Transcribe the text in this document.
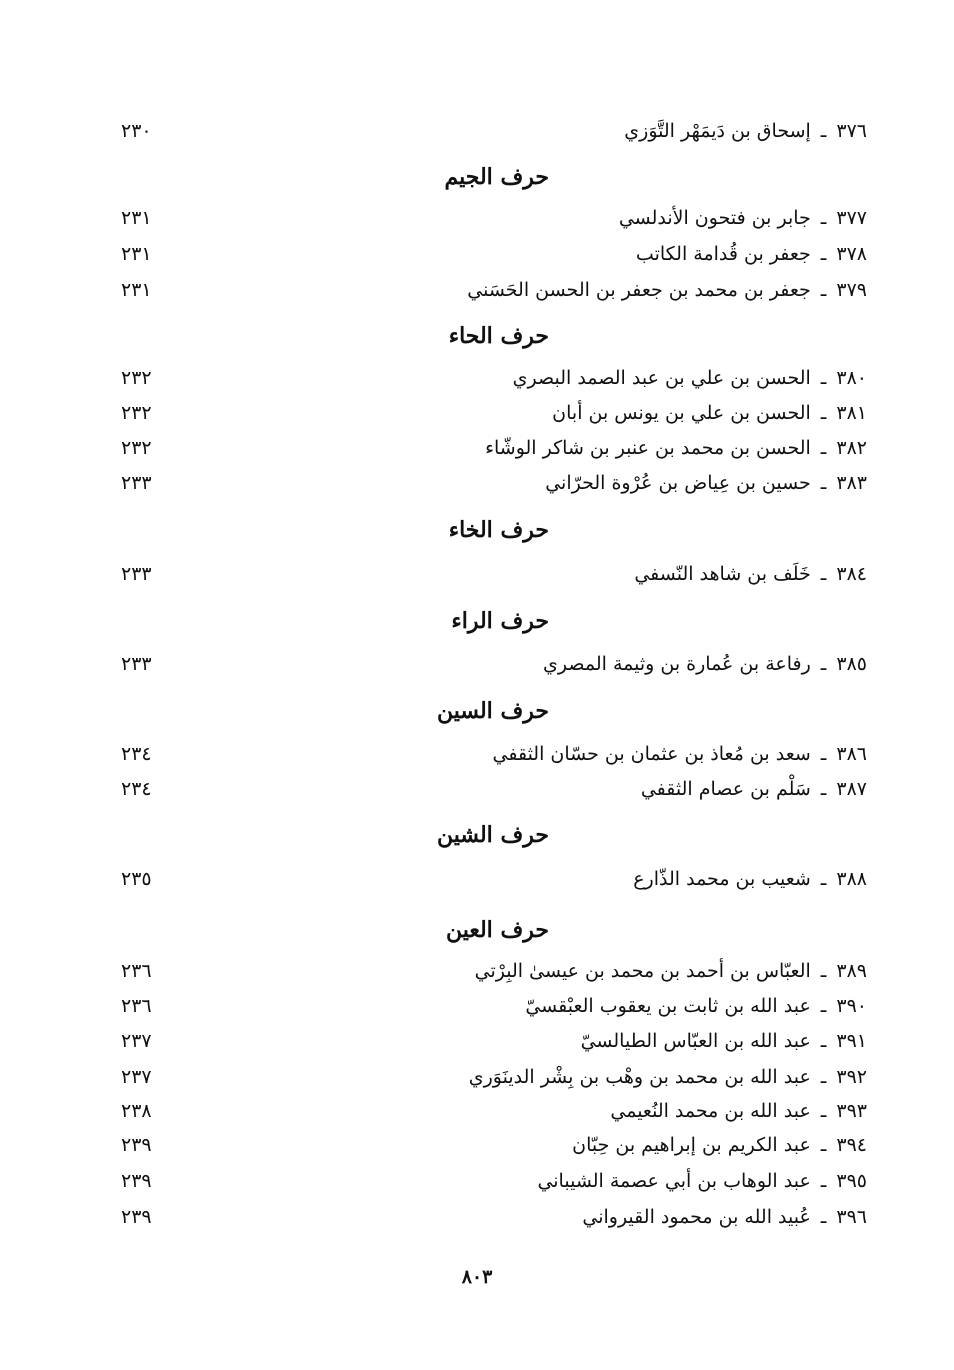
٣٧٦ـإسحاق بن دَيمَهْر التَّوَزي
٢٣٠
حرف الجيم
٣٧٧ـجابر بن فتحون الأندلسي
٢٣١
٣٧٨ـجعفر بن قُدامة الكاتب
٢٣١
٣٧٩ـجعفر بن محمد بن جعفر بن الحسن الحَسَني
٢٣١
حرف الحاء
٣٨٠ـالحسن بن علي بن عبد الصمد البصري
٢٣٢
٣٨١ـالحسن بن علي بن يونس بن أبان
٢٣٢
٣٨٢ـالحسن بن محمد بن عنبر بن شاكر الوشّاء
٢٣٢
٣٨٣ـحسين بن عِياض بن عُرْوة الحرّاني
٢٣٣
حرف الخاء
٣٨٤ـخَلَف بن شاهد النّسفي
٢٣٣
حرف الراء
٣٨٥ـرفاعة بن عُمارة بن وثيمة المصري
٢٣٣
حرف السين
٣٨٦ـسعد بن مُعاذ بن عثمان بن حسّان الثقفي
٢٣٤
٣٨٧ـسَلْم بن عصام الثقفي
٢٣٤
حرف الشين
٣٨٨ـشعيب بن محمد الذّارع
٢٣٥
حرف العين
٣٨٩ـالعبّاس بن أحمد بن محمد بن عيسىٰ البِرْتي
٢٣٦
٣٩٠ـعبد الله بن ثابت بن يعقوب العبْقسيّ
٢٣٦
٣٩١ـعبد الله بن العبّاس الطيالسيّ
٢٣٧
٣٩٢ـعبد الله بن محمد بن وهْب بن بِشْر الدينَوَري
٢٣٧
٣٩٣ـعبد الله بن محمد النُعيمي
٢٣٨
٣٩٤ـعبد الكريم بن إبراهيم بن حِبّان
٢٣٩
٣٩٥ـعبد الوهاب بن أبي عصمة الشيباني
٢٣٩
٣٩٦ـعُبيد الله بن محمود القيرواني
٢٣٩
٨٠٣
